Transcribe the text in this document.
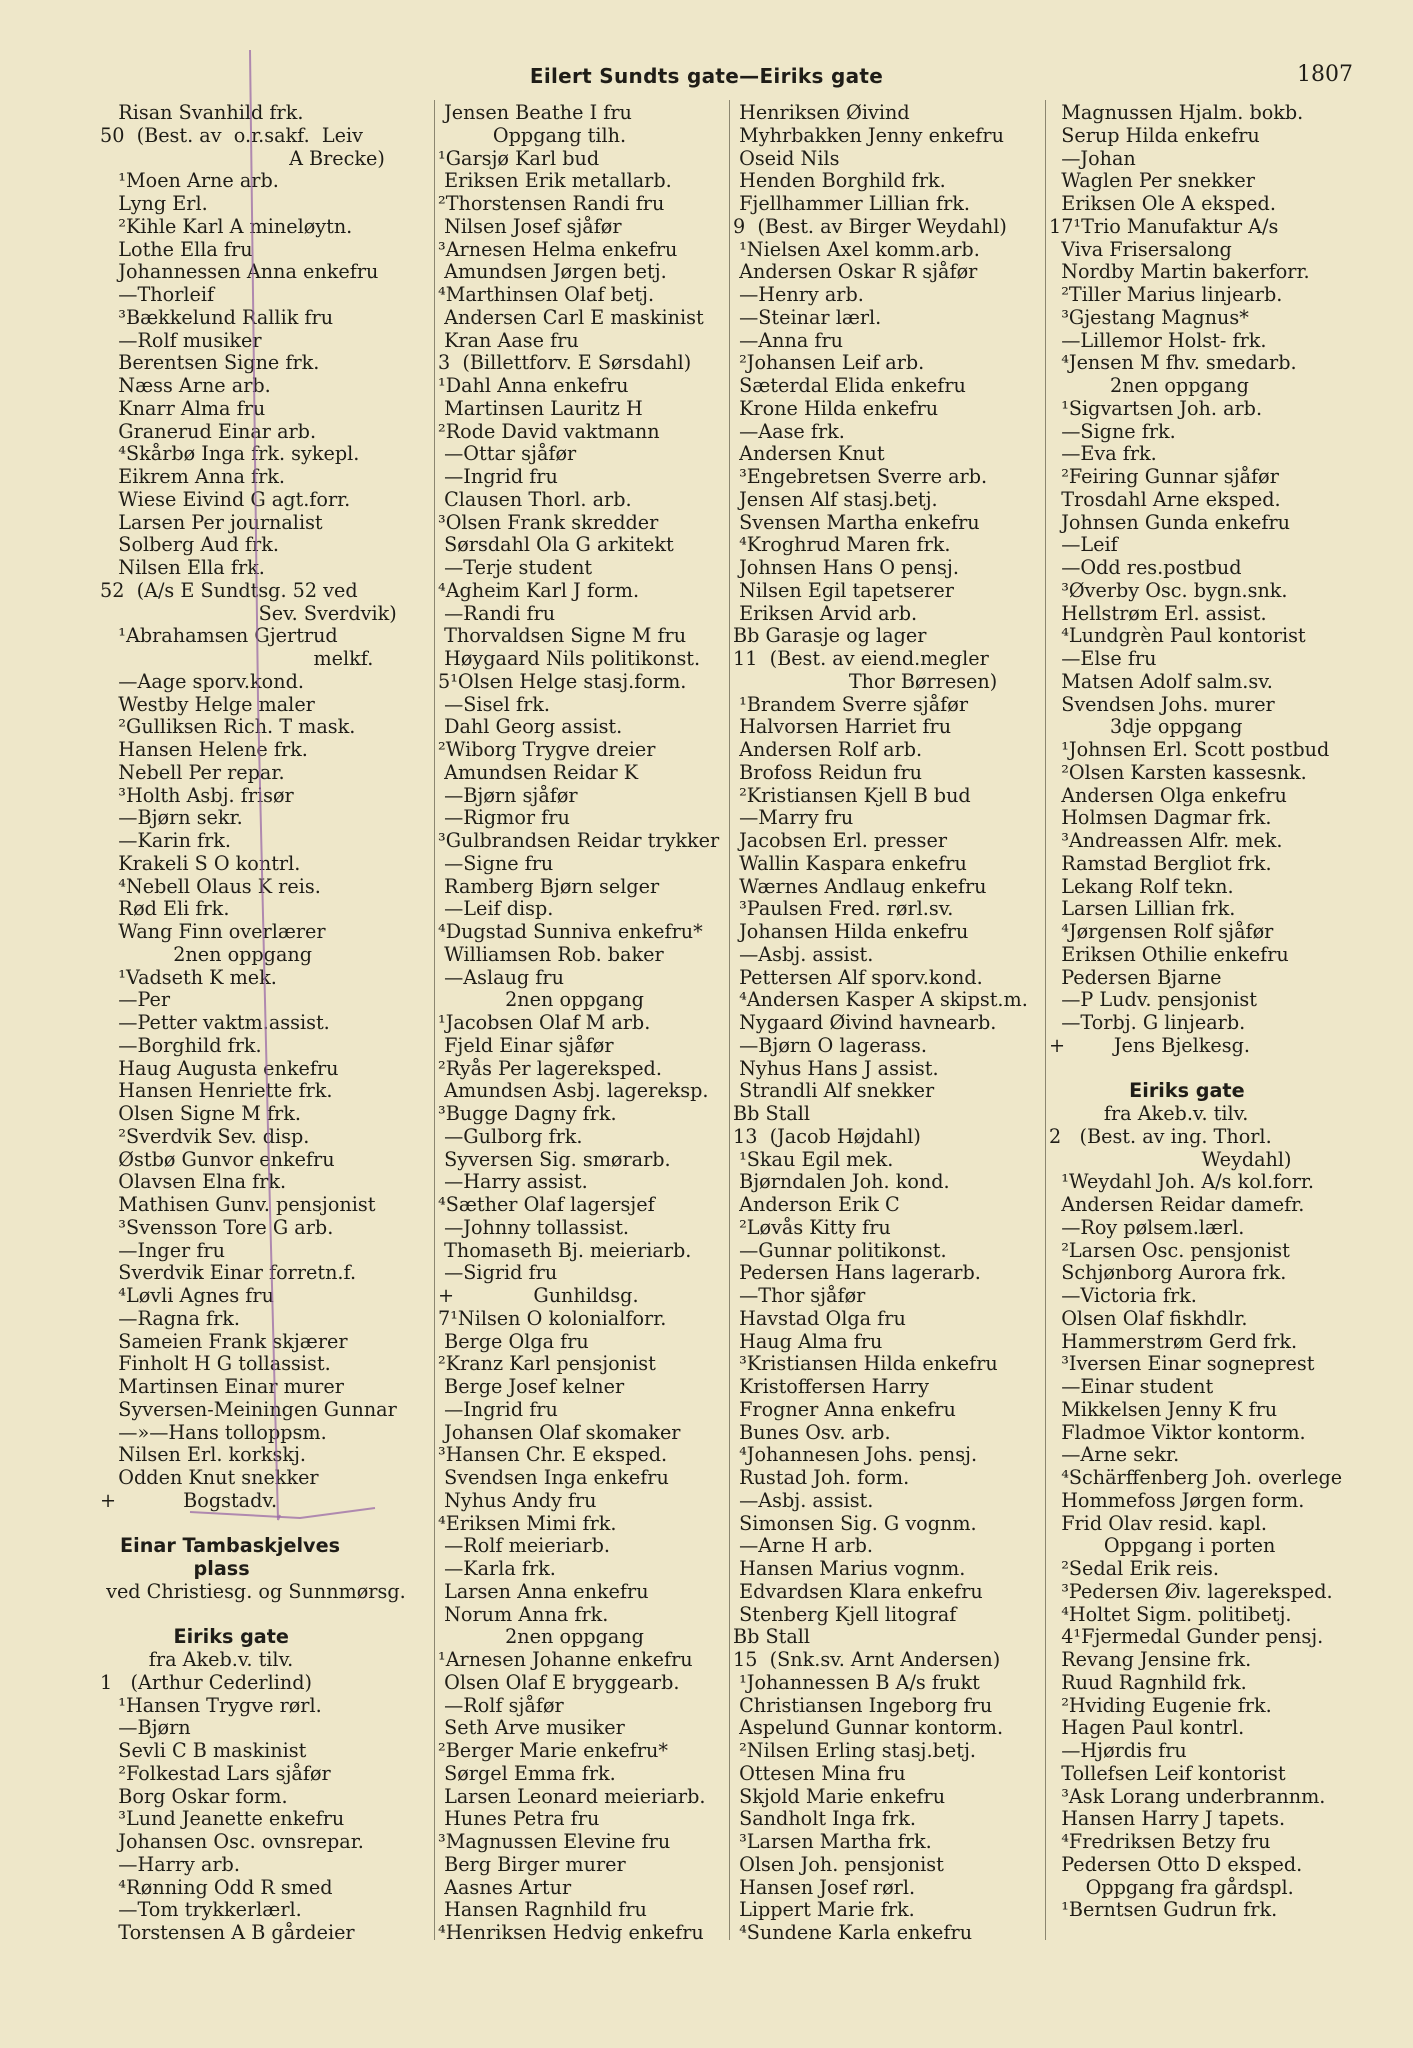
Eilert Sundts gate—Eiriks gate	1807
Risan Svanhild frk.
50  (Best. av  o.r.sakf.  Leiv
A Brecke)
¹Moen Arne arb.
Lyng Erl.
²Kihle Karl A mineløytn.
Lothe Ella fru
Johannessen Anna enkefru
—Thorleif
³Bækkelund Rallik fru
—Rolf musiker
Berentsen Signe frk.
Næss Arne arb.
Knarr Alma fru
Granerud Einar arb.
⁴Skårbø Inga frk. sykepl.
Eikrem Anna frk.
Wiese Eivind G agt.forr.
Larsen Per journalist
Solberg Aud frk.
Nilsen Ella frk.
52  (A/s E Sundtsg. 52 ved
Sev. Sverdvik)
¹Abrahamsen Gjertrud
melkf.
—Aage sporv.kond.
Westby Helge maler
²Gulliksen Rich. T mask.
Hansen Helene frk.
Nebell Per repar.
³Holth Asbj. frisør
—Bjørn sekr.
—Karin frk.
Krakeli S O kontrl.
⁴Nebell Olaus K reis.
Rød Eli frk.
Wang Finn overlærer
2nen oppgang
¹Vadseth K mek.
—Per
—Petter vaktm.assist.
—Borghild frk.
Haug Augusta enkefru
Hansen Henriette frk.
Olsen Signe M frk.
²Sverdvik Sev. disp.
Østbø Gunvor enkefru
Olavsen Elna frk.
Mathisen Gunv. pensjonist
³Svensson Tore G arb.
—Inger fru
Sverdvik Einar forretn.f.
⁴Løvli Agnes fru
—Ragna frk.
Sameien Frank skjærer
Finholt H G tollassist.
Martinsen Einar murer
Syversen-Meiningen Gunnar
—»—Hans tolloppsm.
Nilsen Erl. korkskj.
Odden Knut snekker
+           Bogstadv.
Einar Tambaskjelves
plass
ved Christiesg. og Sunnmørsg.
Eiriks gate
fra Akeb.v. tilv.
1   (Arthur Cederlind)
¹Hansen Trygve rørl.
—Bjørn
Sevli C B maskinist
²Folkestad Lars sjåfør
Borg Oskar form.
³Lund Jeanette enkefru
Johansen Osc. ovnsrepar.
—Harry arb.
⁴Rønning Odd R smed
—Tom trykkerlærl.
Torstensen A B gårdeier
Jensen Beathe I fru
Oppgang tilh.
¹Garsjø Karl bud
Eriksen Erik metallarb.
²Thorstensen Randi fru
Nilsen Josef sjåfør
³Arnesen Helma enkefru
Amundsen Jørgen betj.
⁴Marthinsen Olaf betj.
Andersen Carl E maskinist
Kran Aase fru
3  (Billettforv. E Sørsdahl)
¹Dahl Anna enkefru
Martinsen Lauritz H
²Rode David vaktmann
—Ottar sjåfør
—Ingrid fru
Clausen Thorl. arb.
³Olsen Frank skredder
Sørsdahl Ola G arkitekt
—Terje student
⁴Agheim Karl J form.
—Randi fru
Thorvaldsen Signe M fru
Høygaard Nils politikonst.
5¹Olsen Helge stasj.form.
—Sisel frk.
Dahl Georg assist.
²Wiborg Trygve dreier
Amundsen Reidar K
—Bjørn sjåfør
—Rigmor fru
³Gulbrandsen Reidar trykker
—Signe fru
Ramberg Bjørn selger
—Leif disp.
⁴Dugstad Sunniva enkefru*
Williamsen Rob. baker
—Aslaug fru
2nen oppgang
¹Jacobsen Olaf M arb.
Fjeld Einar sjåfør
²Ryås Per lagereksped.
Amundsen Asbj. lagereksp.
³Bugge Dagny frk.
—Gulborg frk.
Syversen Sig. smørarb.
—Harry assist.
⁴Sæther Olaf lagersjef
—Johnny tollassist.
Thomaseth Bj. meieriarb.
—Sigrid fru
+             Gunhildsg.
7¹Nilsen O kolonialforr.
Berge Olga fru
²Kranz Karl pensjonist
Berge Josef kelner
—Ingrid fru
Johansen Olaf skomaker
³Hansen Chr. E eksped.
Svendsen Inga enkefru
Nyhus Andy fru
⁴Eriksen Mimi frk.
—Rolf meieriarb.
—Karla frk.
Larsen Anna enkefru
Norum Anna frk.
2nen oppgang
¹Arnesen Johanne enkefru
Olsen Olaf E bryggearb.
—Rolf sjåfør
Seth Arve musiker
²Berger Marie enkefru*
Sørgel Emma frk.
Larsen Leonard meieriarb.
Hunes Petra fru
³Magnussen Elevine fru
Berg Birger murer
Aasnes Artur
Hansen Ragnhild fru
⁴Henriksen Hedvig enkefru
Henriksen Øivind
Myhrbakken Jenny enkefru
Oseid Nils
Henden Borghild frk.
Fjellhammer Lillian frk.
9  (Best. av Birger Weydahl)
¹Nielsen Axel komm.arb.
Andersen Oskar R sjåfør
—Henry arb.
—Steinar lærl.
—Anna fru
²Johansen Leif arb.
Sæterdal Elida enkefru
Krone Hilda enkefru
—Aase frk.
Andersen Knut
³Engebretsen Sverre arb.
Jensen Alf stasj.betj.
Svensen Martha enkefru
⁴Kroghrud Maren frk.
Johnsen Hans O pensj.
Nilsen Egil tapetserer
Eriksen Arvid arb.
Bb Garasje og lager
11  (Best. av eiend.megler
Thor Børresen)
¹Brandem Sverre sjåfør
Halvorsen Harriet fru
Andersen Rolf arb.
Brofoss Reidun fru
²Kristiansen Kjell B bud
—Marry fru
Jacobsen Erl. presser
Wallin Kaspara enkefru
Wærnes Andlaug enkefru
³Paulsen Fred. rørl.sv.
Johansen Hilda enkefru
—Asbj. assist.
Pettersen Alf sporv.kond.
⁴Andersen Kasper A skipst.m.
Nygaard Øivind havnearb.
—Bjørn O lagerass.
Nyhus Hans J assist.
Strandli Alf snekker
Bb Stall
13  (Jacob Højdahl)
¹Skau Egil mek.
Bjørndalen Joh. kond.
Anderson Erik C
²Løvås Kitty fru
—Gunnar politikonst.
Pedersen Hans lagerarb.
—Thor sjåfør
Havstad Olga fru
Haug Alma fru
³Kristiansen Hilda enkefru
Kristoffersen Harry
Frogner Anna enkefru
Bunes Osv. arb.
⁴Johannesen Johs. pensj.
Rustad Joh. form.
—Asbj. assist.
Simonsen Sig. G vognm.
—Arne H arb.
Hansen Marius vognm.
Edvardsen Klara enkefru
Stenberg Kjell litograf
Bb Stall
15  (Snk.sv. Arnt Andersen)
¹Johannessen B A/s frukt
Christiansen Ingeborg fru
Aspelund Gunnar kontorm.
²Nilsen Erling stasj.betj.
Ottesen Mina fru
Skjold Marie enkefru
Sandholt Inga frk.
³Larsen Martha frk.
Olsen Joh. pensjonist
Hansen Josef rørl.
Lippert Marie frk.
⁴Sundene Karla enkefru
Magnussen Hjalm. bokb.
Serup Hilda enkefru
—Johan
Waglen Per snekker
Eriksen Ole A eksped.
17¹Trio Manufaktur A/s
Viva Frisersalong
Nordby Martin bakerforr.
²Tiller Marius linjearb.
³Gjestang Magnus*
—Lillemor Holst- frk.
⁴Jensen M fhv. smedarb.
2nen oppgang
¹Sigvartsen Joh. arb.
—Signe frk.
—Eva frk.
²Feiring Gunnar sjåfør
Trosdahl Arne eksped.
Johnsen Gunda enkefru
—Leif
—Odd res.postbud
³Øverby Osc. bygn.snk.
Hellstrøm Erl. assist.
⁴Lundgrèn Paul kontorist
—Else fru
Matsen Adolf salm.sv.
Svendsen Johs. murer
3dje oppgang
¹Johnsen Erl. Scott postbud
²Olsen Karsten kassesnk.
Andersen Olga enkefru
Holmsen Dagmar frk.
³Andreassen Alfr. mek.
Ramstad Bergliot frk.
Lekang Rolf tekn.
Larsen Lillian frk.
⁴Jørgensen Rolf sjåfør
Eriksen Othilie enkefru
Pedersen Bjarne
—P Ludv. pensjonist
—Torbj. G linjearb.
+        Jens Bjelkesg.
Eiriks gate
fra Akeb.v. tilv.
2   (Best. av ing. Thorl.
Weydahl)
¹Weydahl Joh. A/s kol.forr.
Andersen Reidar damefr.
—Roy pølsem.lærl.
²Larsen Osc. pensjonist
Schjønborg Aurora frk.
—Victoria frk.
Olsen Olaf fiskhdlr.
Hammerstrøm Gerd frk.
³Iversen Einar sogneprest
—Einar student
Mikkelsen Jenny K fru
Fladmoe Viktor kontorm.
—Arne sekr.
⁴Schärffenberg Joh. overlege
Hommefoss Jørgen form.
Frid Olav resid. kapl.
Oppgang i porten
²Sedal Erik reis.
³Pedersen Øiv. lagereksped.
⁴Holtet Sigm. politibetj.
4¹Fjermedal Gunder pensj.
Revang Jensine frk.
Ruud Ragnhild frk.
²Hviding Eugenie frk.
Hagen Paul kontrl.
—Hjørdis fru
Tollefsen Leif kontorist
³Ask Lorang underbrannm.
Hansen Harry J tapets.
⁴Fredriksen Betzy fru
Pedersen Otto D eksped.
Oppgang fra gårdspl.
¹Berntsen Gudrun frk.
